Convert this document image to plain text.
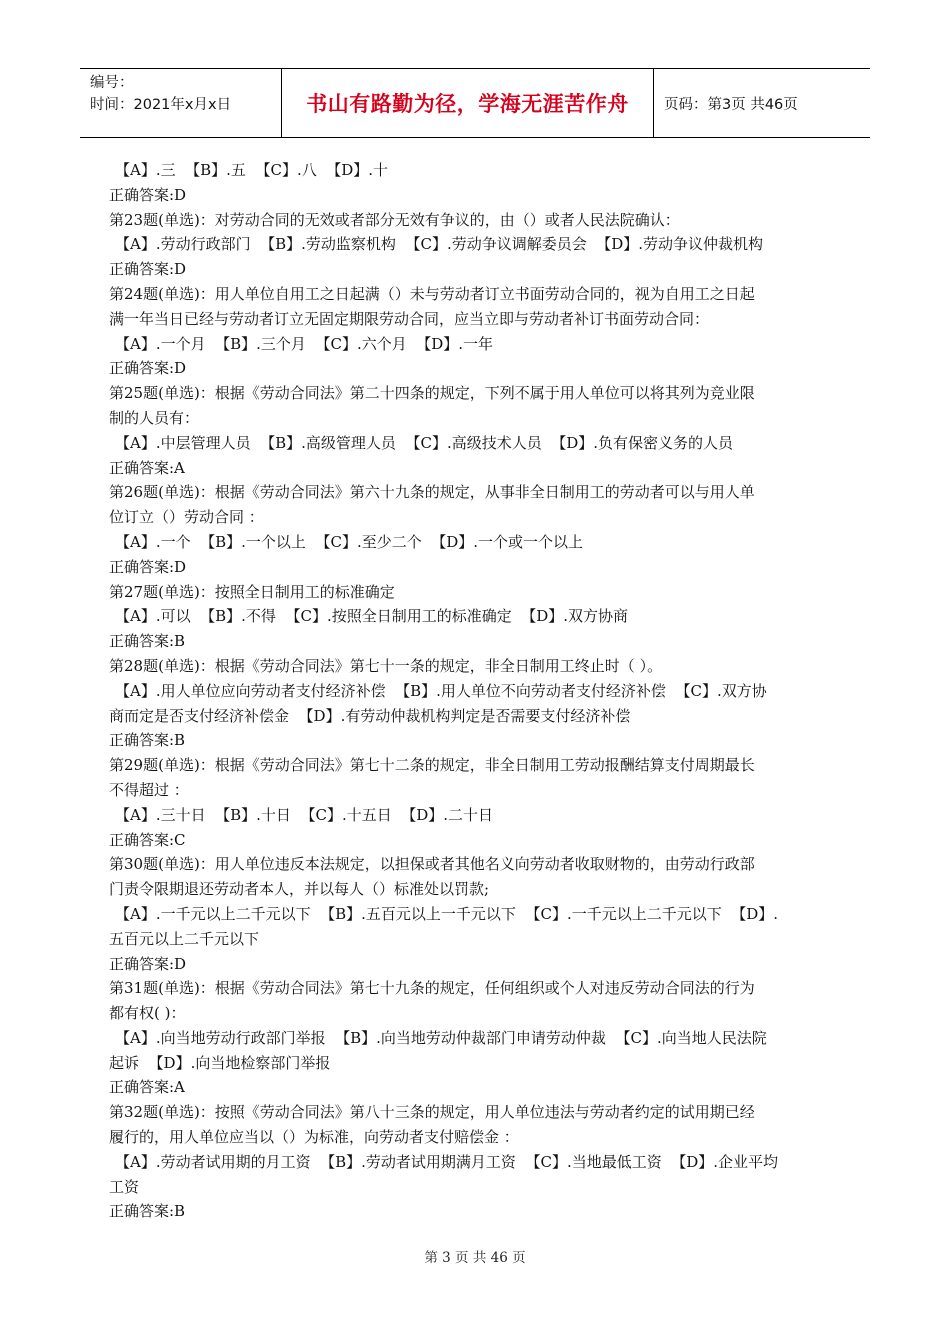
编号：
时间：2021年x月x日	书山有路勤为径，学海无涯苦作舟 页码：第3页 共46页

【A】.三  【B】.五  【C】.八  【D】.十

正确答案:D

第23题(单选)：对劳动合同的无效或者部分无效有争议的，由（）或者人民法院确认：

【A】.劳动行政部门  【B】.劳动监察机构  【C】.劳动争议调解委员会  【D】.劳动争议仲裁机构

正确答案:D

第24题(单选)：用人单位自用工之日起满（）未与劳动者订立书面劳动合同的，视为自用工之日起

满一年当日已经与劳动者订立无固定期限劳动合同，应当立即与劳动者补订书面劳动合同：

【A】.一个月  【B】.三个月  【C】.六个月  【D】.一年

正确答案:D

第25题(单选)：根据《劳动合同法》第二十四条的规定，下列不属于用人单位可以将其列为竞业限

制的人员有：

【A】.中层管理人员  【B】.高级管理人员  【C】.高级技术人员  【D】.负有保密义务的人员

正确答案:A

第26题(单选)：根据《劳动合同法》第六十九条的规定，从事非全日制用工的劳动者可以与用人单

位订立（）劳动合同 ：

【A】.一个  【B】.一个以上  【C】.至少二个  【D】.一个或一个以上

正确答案:D

第27题(单选)：按照全日制用工的标准确定

【A】.可以  【B】.不得  【C】.按照全日制用工的标准确定  【D】.双方协商

正确答案:B

第28题(单选)：根据《劳动合同法》第七十一条的规定，非全日制用工终止时（ ）。

【A】.用人单位应向劳动者支付经济补偿  【B】.用人单位不向劳动者支付经济补偿  【C】.双方协

商而定是否支付经济补偿金  【D】.有劳动仲裁机构判定是否需要支付经济补偿

正确答案:B

第29题(单选)：根据《劳动合同法》第七十二条的规定，非全日制用工劳动报酬结算支付周期最长

不得超过 ：

【A】.三十日  【B】.十日  【C】.十五日  【D】.二十日

正确答案:C

第30题(单选)：用人单位违反本法规定，以担保或者其他名义向劳动者收取财物的，由劳动行政部

门责令限期退还劳动者本人，并以每人（）标准处以罚款;

【A】.一千元以上二千元以下  【B】.五百元以上一千元以下  【C】.一千元以上二千元以下  【D】.

五百元以上二千元以下

正确答案:D

第31题(单选)：根据《劳动合同法》第七十九条的规定，任何组织或个人对违反劳动合同法的行为

都有权( )：

【A】.向当地劳动行政部门举报  【B】.向当地劳动仲裁部门申请劳动仲裁  【C】.向当地人民法院

起诉  【D】.向当地检察部门举报

正确答案:A

第32题(单选)：按照《劳动合同法》第八十三条的规定，用人单位违法与劳动者约定的试用期已经

履行的，用人单位应当以（）为标准，向劳动者支付赔偿金 ：

【A】.劳动者试用期的月工资  【B】.劳动者试用期满月工资  【C】.当地最低工资  【D】.企业平均

工资

正确答案:B

第 3 页 共 46 页
